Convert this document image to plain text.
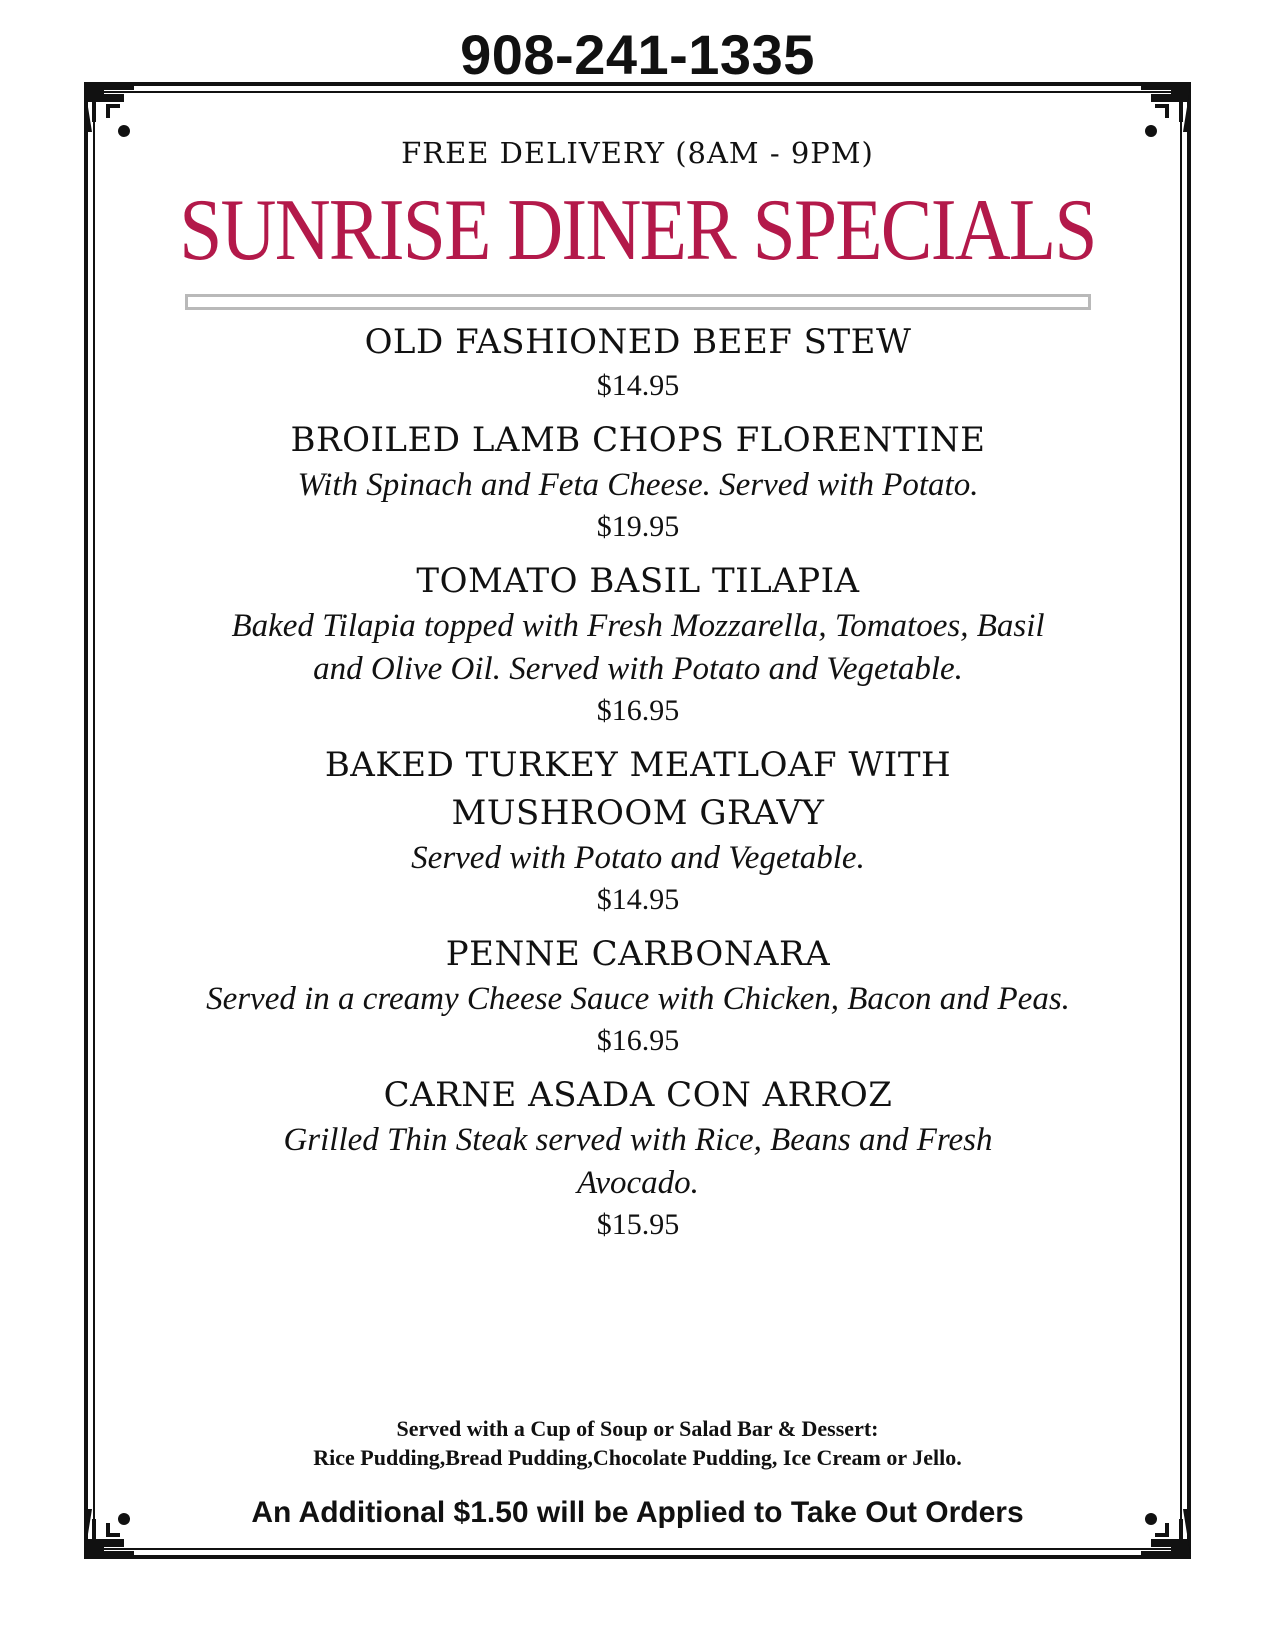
908-241-1335
FREE DELIVERY (8AM - 9PM)
SUNRISE DINER SPECIALS
OLD FASHIONED BEEF STEW
$14.95
BROILED LAMB CHOPS FLORENTINE
With Spinach and Feta Cheese. Served with Potato.
$19.95
TOMATO BASIL TILAPIA
Baked Tilapia topped with Fresh Mozzarella, Tomatoes, Basil and Olive Oil. Served with Potato and Vegetable.
$16.95
BAKED TURKEY MEATLOAF WITH MUSHROOM GRAVY
Served with Potato and Vegetable.
$14.95
PENNE CARBONARA
Served in a creamy Cheese Sauce with Chicken, Bacon and Peas.
$16.95
CARNE ASADA CON ARROZ
Grilled Thin Steak served with Rice, Beans and Fresh Avocado.
$15.95
Served with a Cup of Soup or Salad Bar & Dessert:
Rice Pudding,Bread Pudding,Chocolate Pudding, Ice Cream or Jello.
An Additional $1.50 will be Applied to Take Out Orders
